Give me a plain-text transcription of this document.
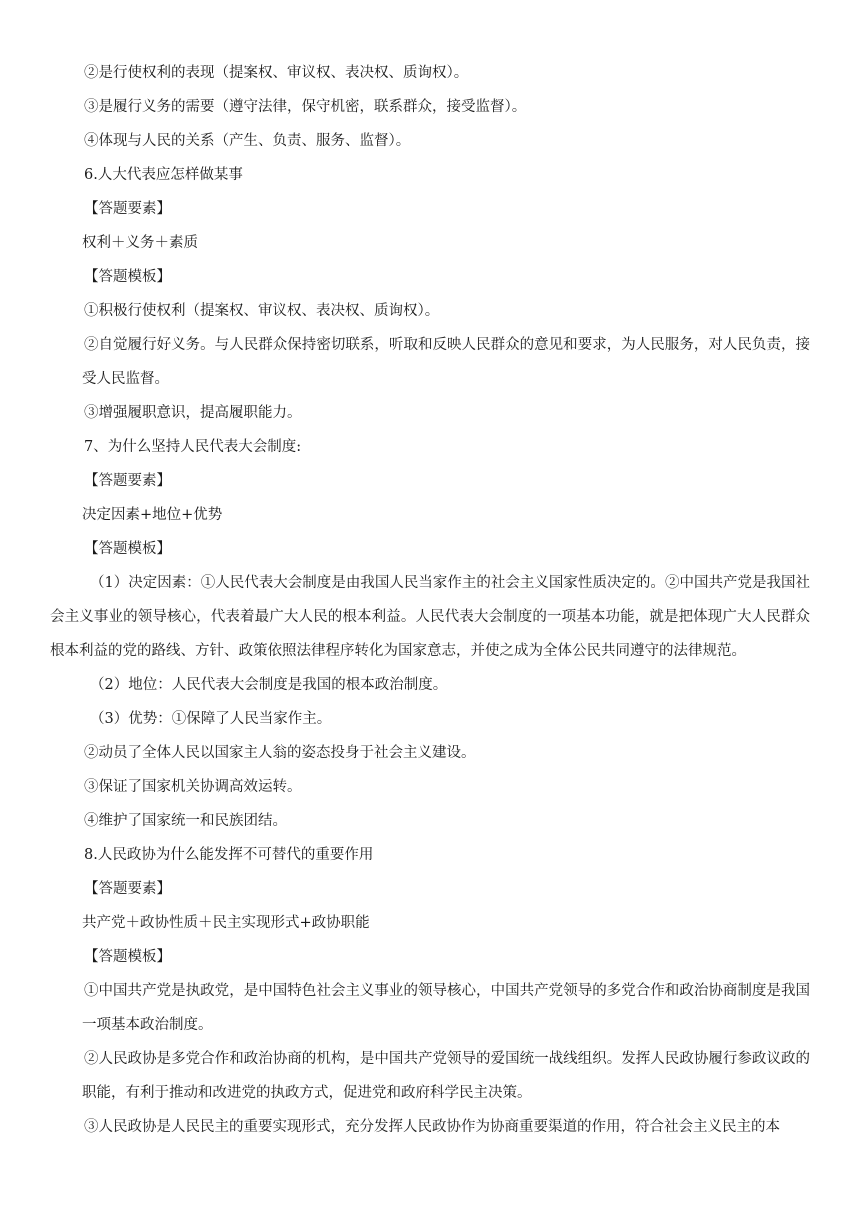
②是行使权利的表现（提案权、审议权、表决权、质询权）。

③是履行义务的需要（遵守法律，保守机密，联系群众，接受监督）。

④体现与人民的关系（产生、负责、服务、监督）。

6.人大代表应怎样做某事

【答题要素】

权利＋义务＋素质

【答题模板】

①积极行使权利（提案权、审议权、表决权、质询权）。

②自觉履行好义务。与人民群众保持密切联系，听取和反映人民群众的意见和要求，为人民服务，对人民负责，接受人民监督。

③增强履职意识，提高履职能力。

7、为什么坚持人民代表大会制度:

【答题要素】

决定因素+地位+优势

【答题模板】

（1）决定因素：①人民代表大会制度是由我国人民当家作主的社会主义国家性质决定的。②中国共产党是我国社会主义事业的领导核心，代表着最广大人民的根本利益。人民代表大会制度的一项基本功能，就是把体现广大人民群众根本利益的党的路线、方针、政策依照法律程序转化为国家意志，并使之成为全体公民共同遵守的法律规范。

（2）地位：人民代表大会制度是我国的根本政治制度。

（3）优势：①保障了人民当家作主。

②动员了全体人民以国家主人翁的姿态投身于社会主义建设。

③保证了国家机关协调高效运转。

④维护了国家统一和民族团结。

8.人民政协为什么能发挥不可替代的重要作用

【答题要素】

共产党＋政协性质＋民主实现形式+政协职能

【答题模板】

①中国共产党是执政党，是中国特色社会主义事业的领导核心，中国共产党领导的多党合作和政治协商制度是我国一项基本政治制度。

②人民政协是多党合作和政治协商的机构，是中国共产党领导的爱国统一战线组织。发挥人民政协履行参政议政的职能，有利于推动和改进党的执政方式，促进党和政府科学民主决策。

③人民政协是人民民主的重要实现形式，充分发挥人民政协作为协商重要渠道的作用，符合社会主义民主的本
